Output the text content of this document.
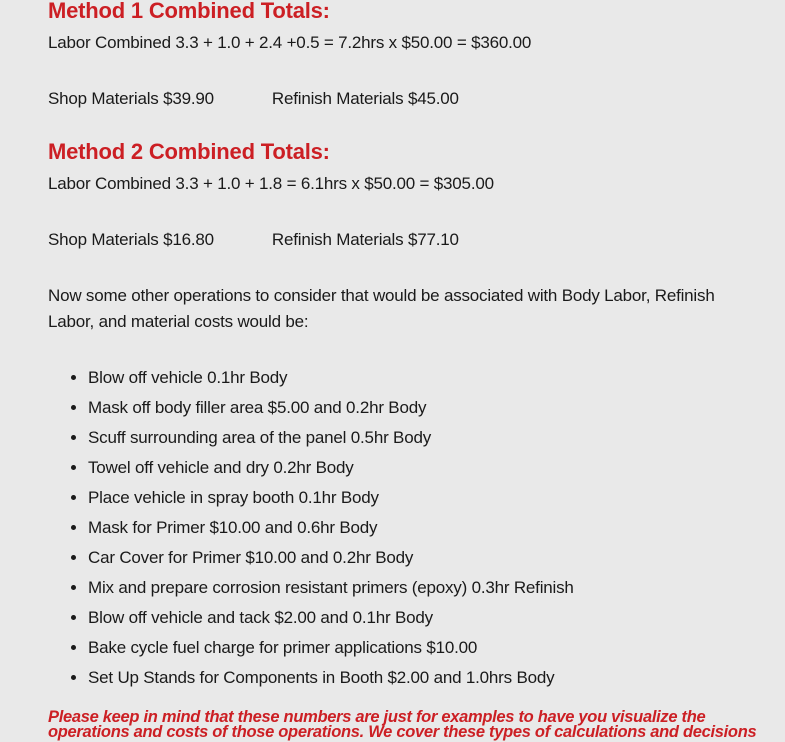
Method 1 Combined Totals:
Labor Combined 3.3 + 1.0 + 2.4 +0.5 = 7.2hrs x $50.00 = $360.00
Shop Materials $39.90	Refinish Materials $45.00
Method 2 Combined Totals:
Labor Combined 3.3 + 1.0 + 1.8 = 6.1hrs x $50.00 = $305.00
Shop Materials $16.80	Refinish Materials $77.10
Now some other operations to consider that would be associated with Body Labor, Refinish
Labor, and material costs would be:
• Blow off vehicle 0.1hr Body
• Mask off body filler area $5.00 and 0.2hr Body
• Scuff surrounding area of the panel 0.5hr Body
• Towel off vehicle and dry 0.2hr Body
• Place vehicle in spray booth 0.1hr Body
• Mask for Primer $10.00 and 0.6hr Body
• Car Cover for Primer $10.00 and 0.2hr Body
• Mix and prepare corrosion resistant primers (epoxy) 0.3hr Refinish
• Blow off vehicle and tack $2.00 and 0.1hr Body
• Bake cycle fuel charge for primer applications $10.00
• Set Up Stands for Components in Booth $2.00 and 1.0hrs Body
Please keep in mind that these numbers are just for examples to have you visualize the
operations and costs of those operations. We cover these types of calculations and decisions
